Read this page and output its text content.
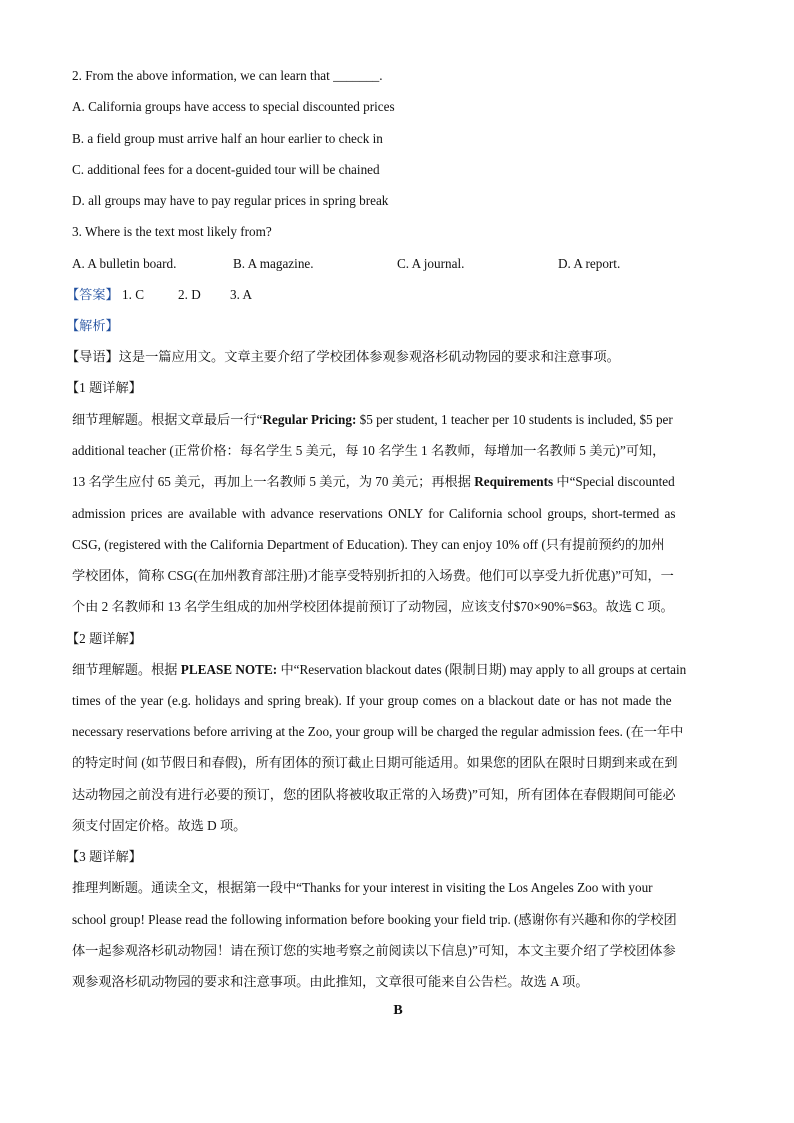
2. From the above information, we can learn that _______.
A. California groups have access to special discounted prices
B. a field group must arrive half an hour earlier to check in
C. additional fees for a docent-guided tour will be chained
D. all groups may have to pay regular prices in spring break
3. Where is the text most likely from?
A. A bulletin board.	B. A magazine.	C. A journal.	D. A report.
【答案】 1. C	2. D 3. A
【解析】
【导语】这是一篇应用文。文章主要介绍了学校团体参观参观洛杉矶动物园的要求和注意事项。
【1 题详解】
细节理解题。根据文章最后一行“Regular Pricing: $5 per student, 1 teacher per 10 students is included, $5 per
additional teacher (正常价格：每名学生 5 美元，每 10 名学生 1 名教师，每增加一名教师 5 美元)”可知，
13 名学生应付 65 美元，再加上一名教师 5 美元，为 70 美元；再根据 Requirements 中“Special discounted
admission prices are available with advance reservations ONLY for California school groups, short-termed as
CSG, (registered with the California Department of Education). They can enjoy 10% off (只有提前预约的加州
学校团体，简称 CSG(在加州教育部注册)才能享受特别折扣的入场费。他们可以享受九折优惠)”可知，一
个由 2 名教师和 13 名学生组成的加州学校团体提前预订了动物园，应该支付$70×90%=$63。故选 C 项。
【2 题详解】
细节理解题。根据 PLEASE NOTE: 中“Reservation blackout dates (限制日期) may apply to all groups at certain
times of the year (e.g. holidays and spring break). If your group comes on a blackout date or has not made the
necessary reservations before arriving at the Zoo, your group will be charged the regular admission fees. (在一年中
的特定时间 (如节假日和春假)，所有团体的预订截止日期可能适用。如果您的团队在限时日期到来或在到
达动物园之前没有进行必要的预订，您的团队将被收取正常的入场费)”可知，所有团体在春假期间可能必
须支付固定价格。故选 D 项。
【3 题详解】
推理判断题。通读全文，根据第一段中“Thanks for your interest in visiting the Los Angeles Zoo with your
school group! Please read the following information before booking your field trip. (感谢你有兴趣和你的学校团
体一起参观洛杉矶动物园！请在预订您的实地考察之前阅读以下信息)”可知，本文主要介绍了学校团体参
观参观洛杉矶动物园的要求和注意事项。由此推知，文章很可能来自公告栏。故选 A 项。
B
